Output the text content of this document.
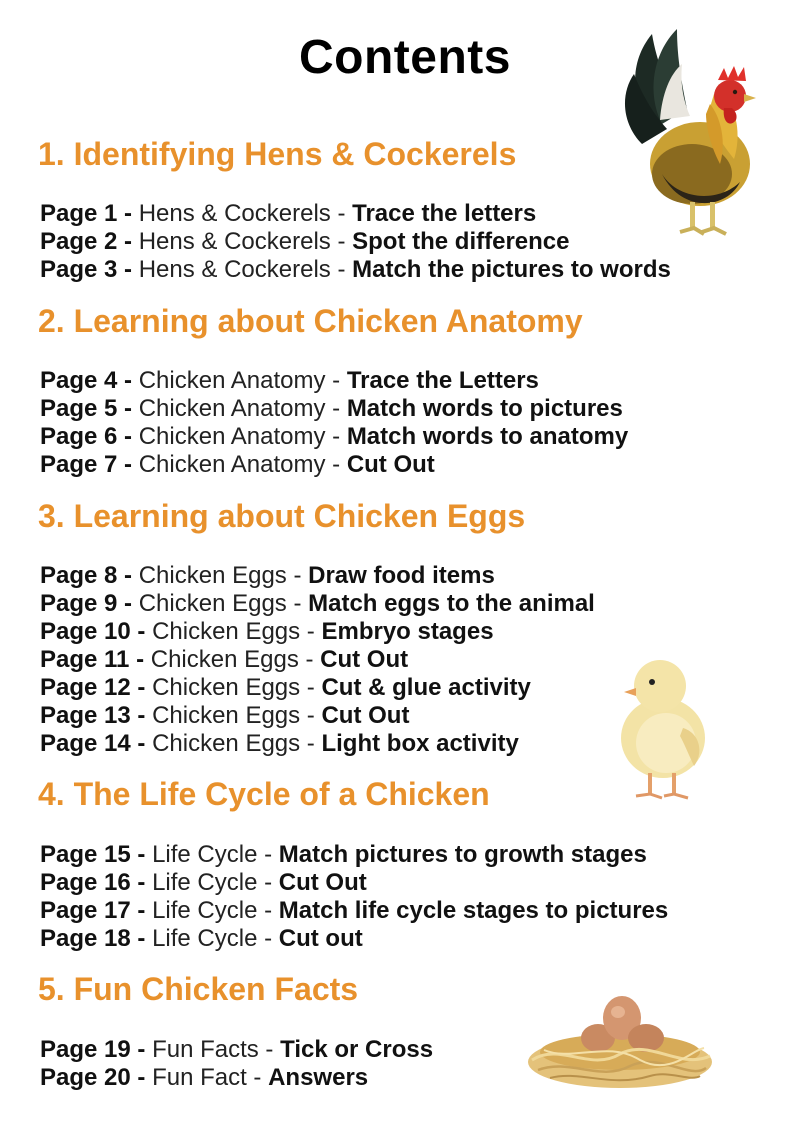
Contents
1. Identifying Hens & Cockerels
Page 1 - Hens & Cockerels - Trace the letters
Page 2 - Hens & Cockerels - Spot the difference
Page 3 - Hens & Cockerels - Match the pictures to words
2. Learning about Chicken Anatomy
Page 4 - Chicken Anatomy - Trace the Letters
Page 5 - Chicken Anatomy - Match words to pictures
Page 6 - Chicken Anatomy - Match words to anatomy
Page 7 - Chicken Anatomy - Cut Out
3. Learning about Chicken Eggs
Page 8 - Chicken Eggs - Draw food items
Page 9 - Chicken Eggs - Match eggs to the animal
Page 10 - Chicken Eggs - Embryo stages
Page 11 - Chicken Eggs - Cut Out
Page 12 - Chicken Eggs - Cut & glue activity
Page 13 - Chicken Eggs - Cut Out
Page 14 - Chicken Eggs - Light box activity
4. The Life Cycle of a Chicken
Page 15 - Life Cycle - Match pictures to growth stages
Page 16 - Life Cycle - Cut Out
Page 17 - Life Cycle - Match life cycle stages to pictures
Page 18 - Life Cycle - Cut out
5. Fun Chicken Facts
Page 19 - Fun Facts - Tick or Cross
Page 20 - Fun Fact - Answers
